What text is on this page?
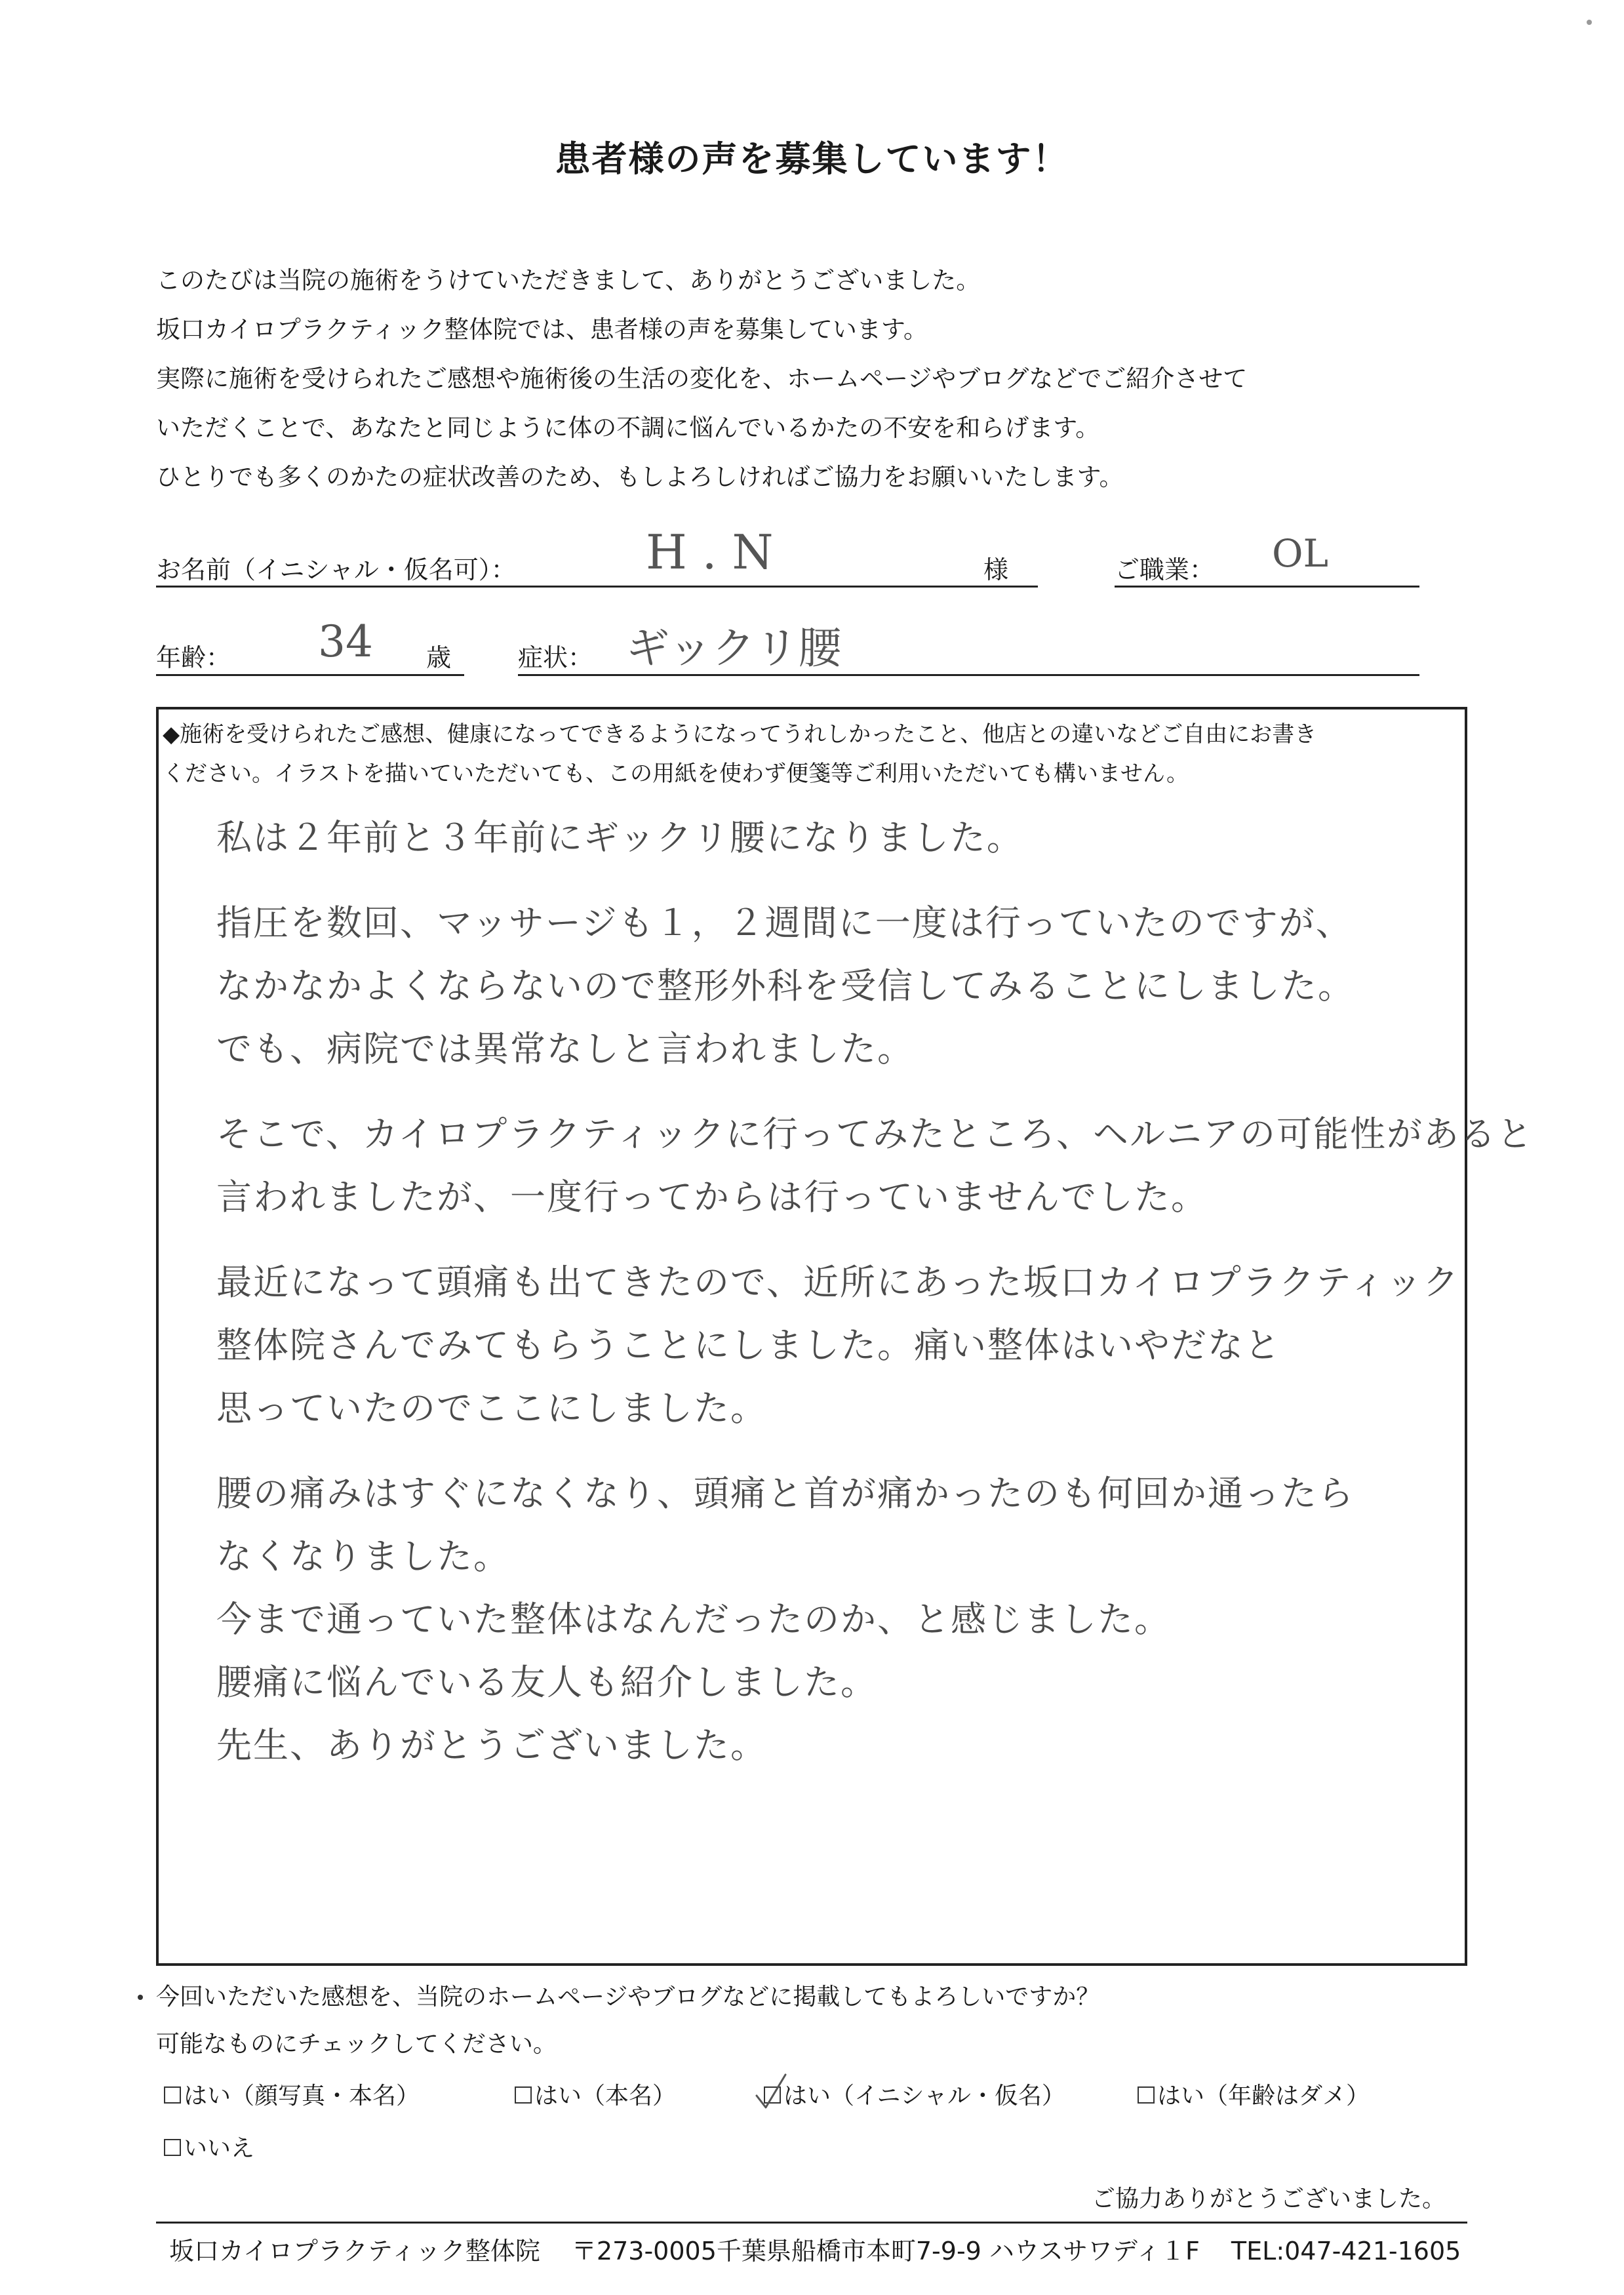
患者様の声を募集しています！
このたびは当院の施術をうけていただきまして、ありがとうございました。
坂口カイロプラクティック整体院では、患者様の声を募集しています。
実際に施術を受けられたご感想や施術後の生活の変化を、ホームページやブログなどでご紹介させて
いただくことで、あなたと同じように体の不調に悩んでいるかたの不安を和らげます。
ひとりでも多くのかたの症状改善のため、もしよろしければご協力をお願いいたします。
お名前（イニシャル・仮名可）：	H . N	様	ご職業： OL
年齢： 34 歳	症状： ギックリ腰
◆施術を受けられたご感想、健康になってできるようになってうれしかったこと、他店との違いなどご自由にお書き
ください。イラストを描いていただいても、この用紙を使わず便箋等ご利用いただいても構いません。
私は２年前と３年前にギックリ腰になりました。
指圧を数回、マッサージも１，２週間に一度は行っていたのですが、
なかなかよくならないので整形外科を受信してみることにしました。
でも、病院では異常なしと言われました。
そこで、カイロプラクティックに行ってみたところ、ヘルニアの可能性があると
言われましたが、一度行ってからは行っていませんでした。
最近になって頭痛も出てきたので、近所にあった坂口カイロプラクティック
整体院さんでみてもらうことにしました。痛い整体はいやだなと
思っていたのでここにしました。
腰の痛みはすぐになくなり、頭痛と首が痛かったのも何回か通ったら
なくなりました。
今まで通っていた整体はなんだったのか、と感じました。
腰痛に悩んでいる友人も紹介しました。
先生、ありがとうございました。
今回いただいた感想を、当院のホームページやブログなどに掲載してもよろしいですか？
可能なものにチェックしてください。
はい（顔写真・本名）	はい（本名）	はい（イニシャル・仮名）	はい（年齢はダメ）
いいえ
ご協力ありがとうございました。
坂口カイロプラクティック整体院 〒273-0005千葉県船橋市本町7-9-9 ハウスサワディ１F TEL:047-421-1605
